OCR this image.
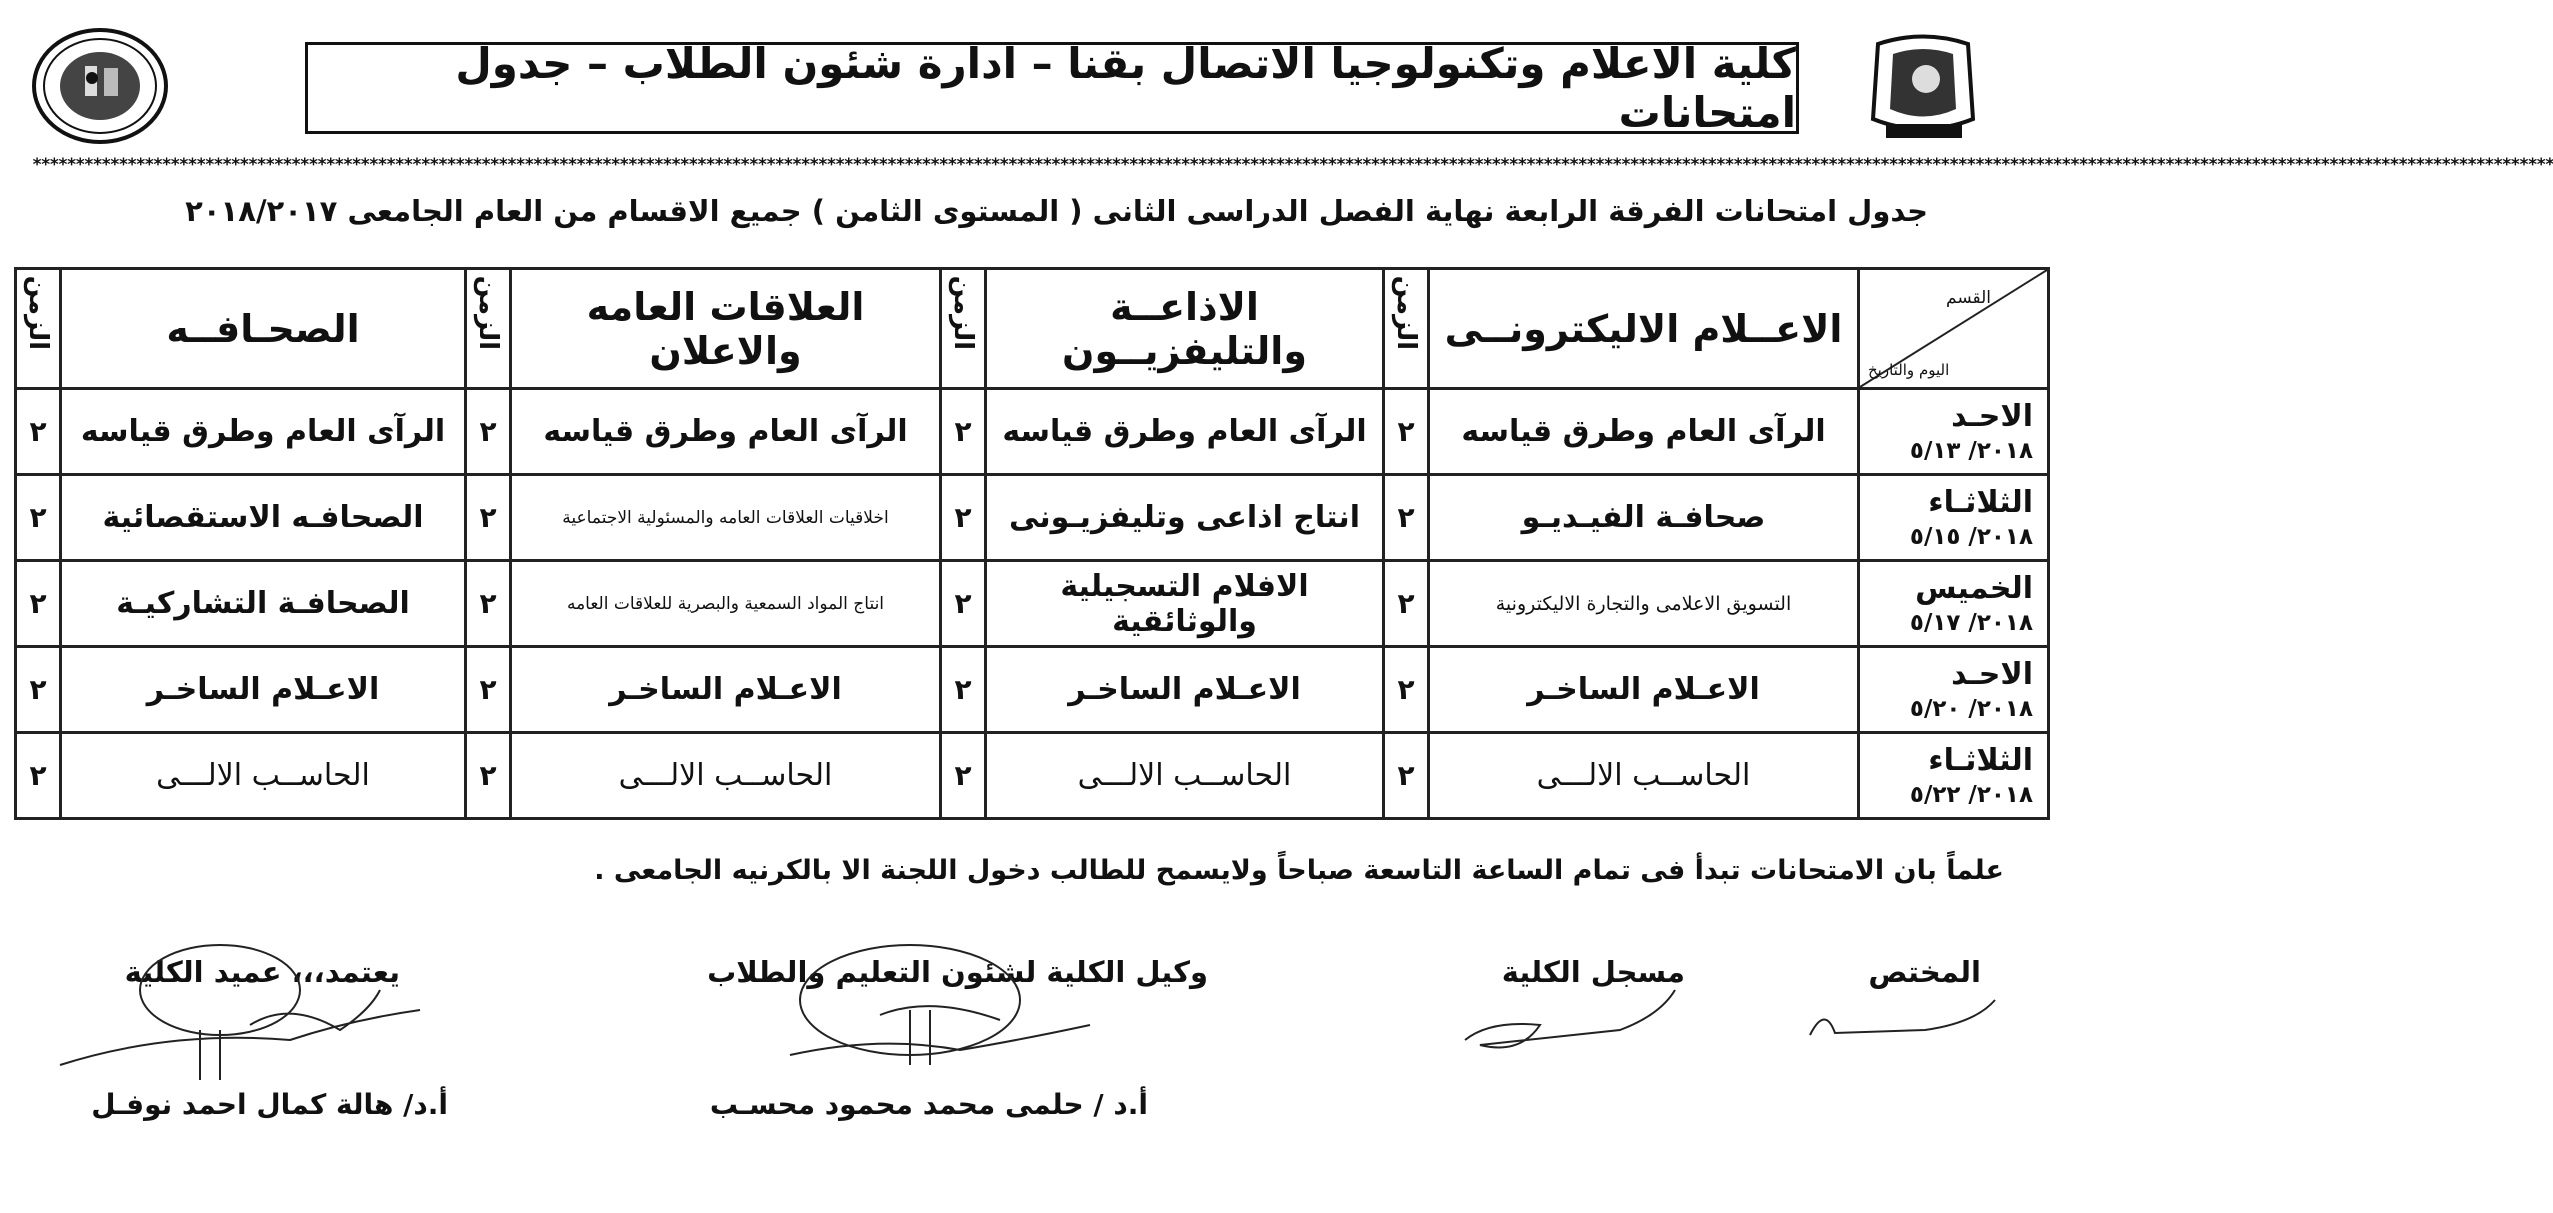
كلية الاعلام وتكنولوجيا الاتصال بقنا – ادارة شئون الطلاب – جدول امتحانات
****************************************************************************************************************************************************************************************************************************************************************************************************
جدول امتحانات الفرقة الرابعة نهاية الفصل الدراسى الثانى ( المستوى الثامن ) جميع الاقسام من العام الجامعى ٢٠١٨/٢٠١٧
القسم
اليوم والتاريخ	الاعــلام الاليكترونــى	الزمن	الاذاعــة والتليفزيــون	الزمن	العلاقات العامه والاعلان	الزمن	الصحـافــه	الزمن

الاحـد
٢٠١٨/ ٥/١٣	الرآى العام وطرق قياسه	٢	الرآى العام وطرق قياسه	٢	الرآى العام وطرق قياسه	٢	الرآى العام وطرق قياسه	٢

الثلاثـاء
٢٠١٨/ ٥/١٥	صحافـة الفيـديـو	٢	انتاج اذاعى وتليفزيـونى	٢	اخلاقيات العلاقات العامه والمسئولية الاجتماعية	٢	الصحافـه الاستقصائية	٢

الخميس
٢٠١٨/ ٥/١٧	التسويق الاعلامى والتجارة الاليكترونية	٢	الافلام التسجيلية والوثائقية	٢	انتاج المواد السمعية والبصرية للعلاقات العامه	٢	الصحافـة التشاركيـة	٢

الاحـد
٢٠١٨/ ٥/٢٠	الاعـلام الساخـر	٢	الاعـلام الساخـر	٢	الاعـلام الساخـر	٢	الاعـلام الساخـر	٢

الثلاثـاء
٢٠١٨/ ٥/٢٢	الحاســب الالـــى	٢	الحاســب الالـــى	٢	الحاســب الالـــى	٢	الحاســب الالـــى	٢
علماً بان الامتحانات تبدأ فى تمام الساعة التاسعة صباحاً ولايسمح للطالب دخول اللجنة الا بالكرنيه الجامعى .
المختص
مسجل الكلية
وكيل الكلية لشئون التعليم والطلاب
أ.د / حلمى محمد محمود محسـب
يعتمد،،، عميد الكلية
أ.د/ هالة كمال احمد نوفـل
